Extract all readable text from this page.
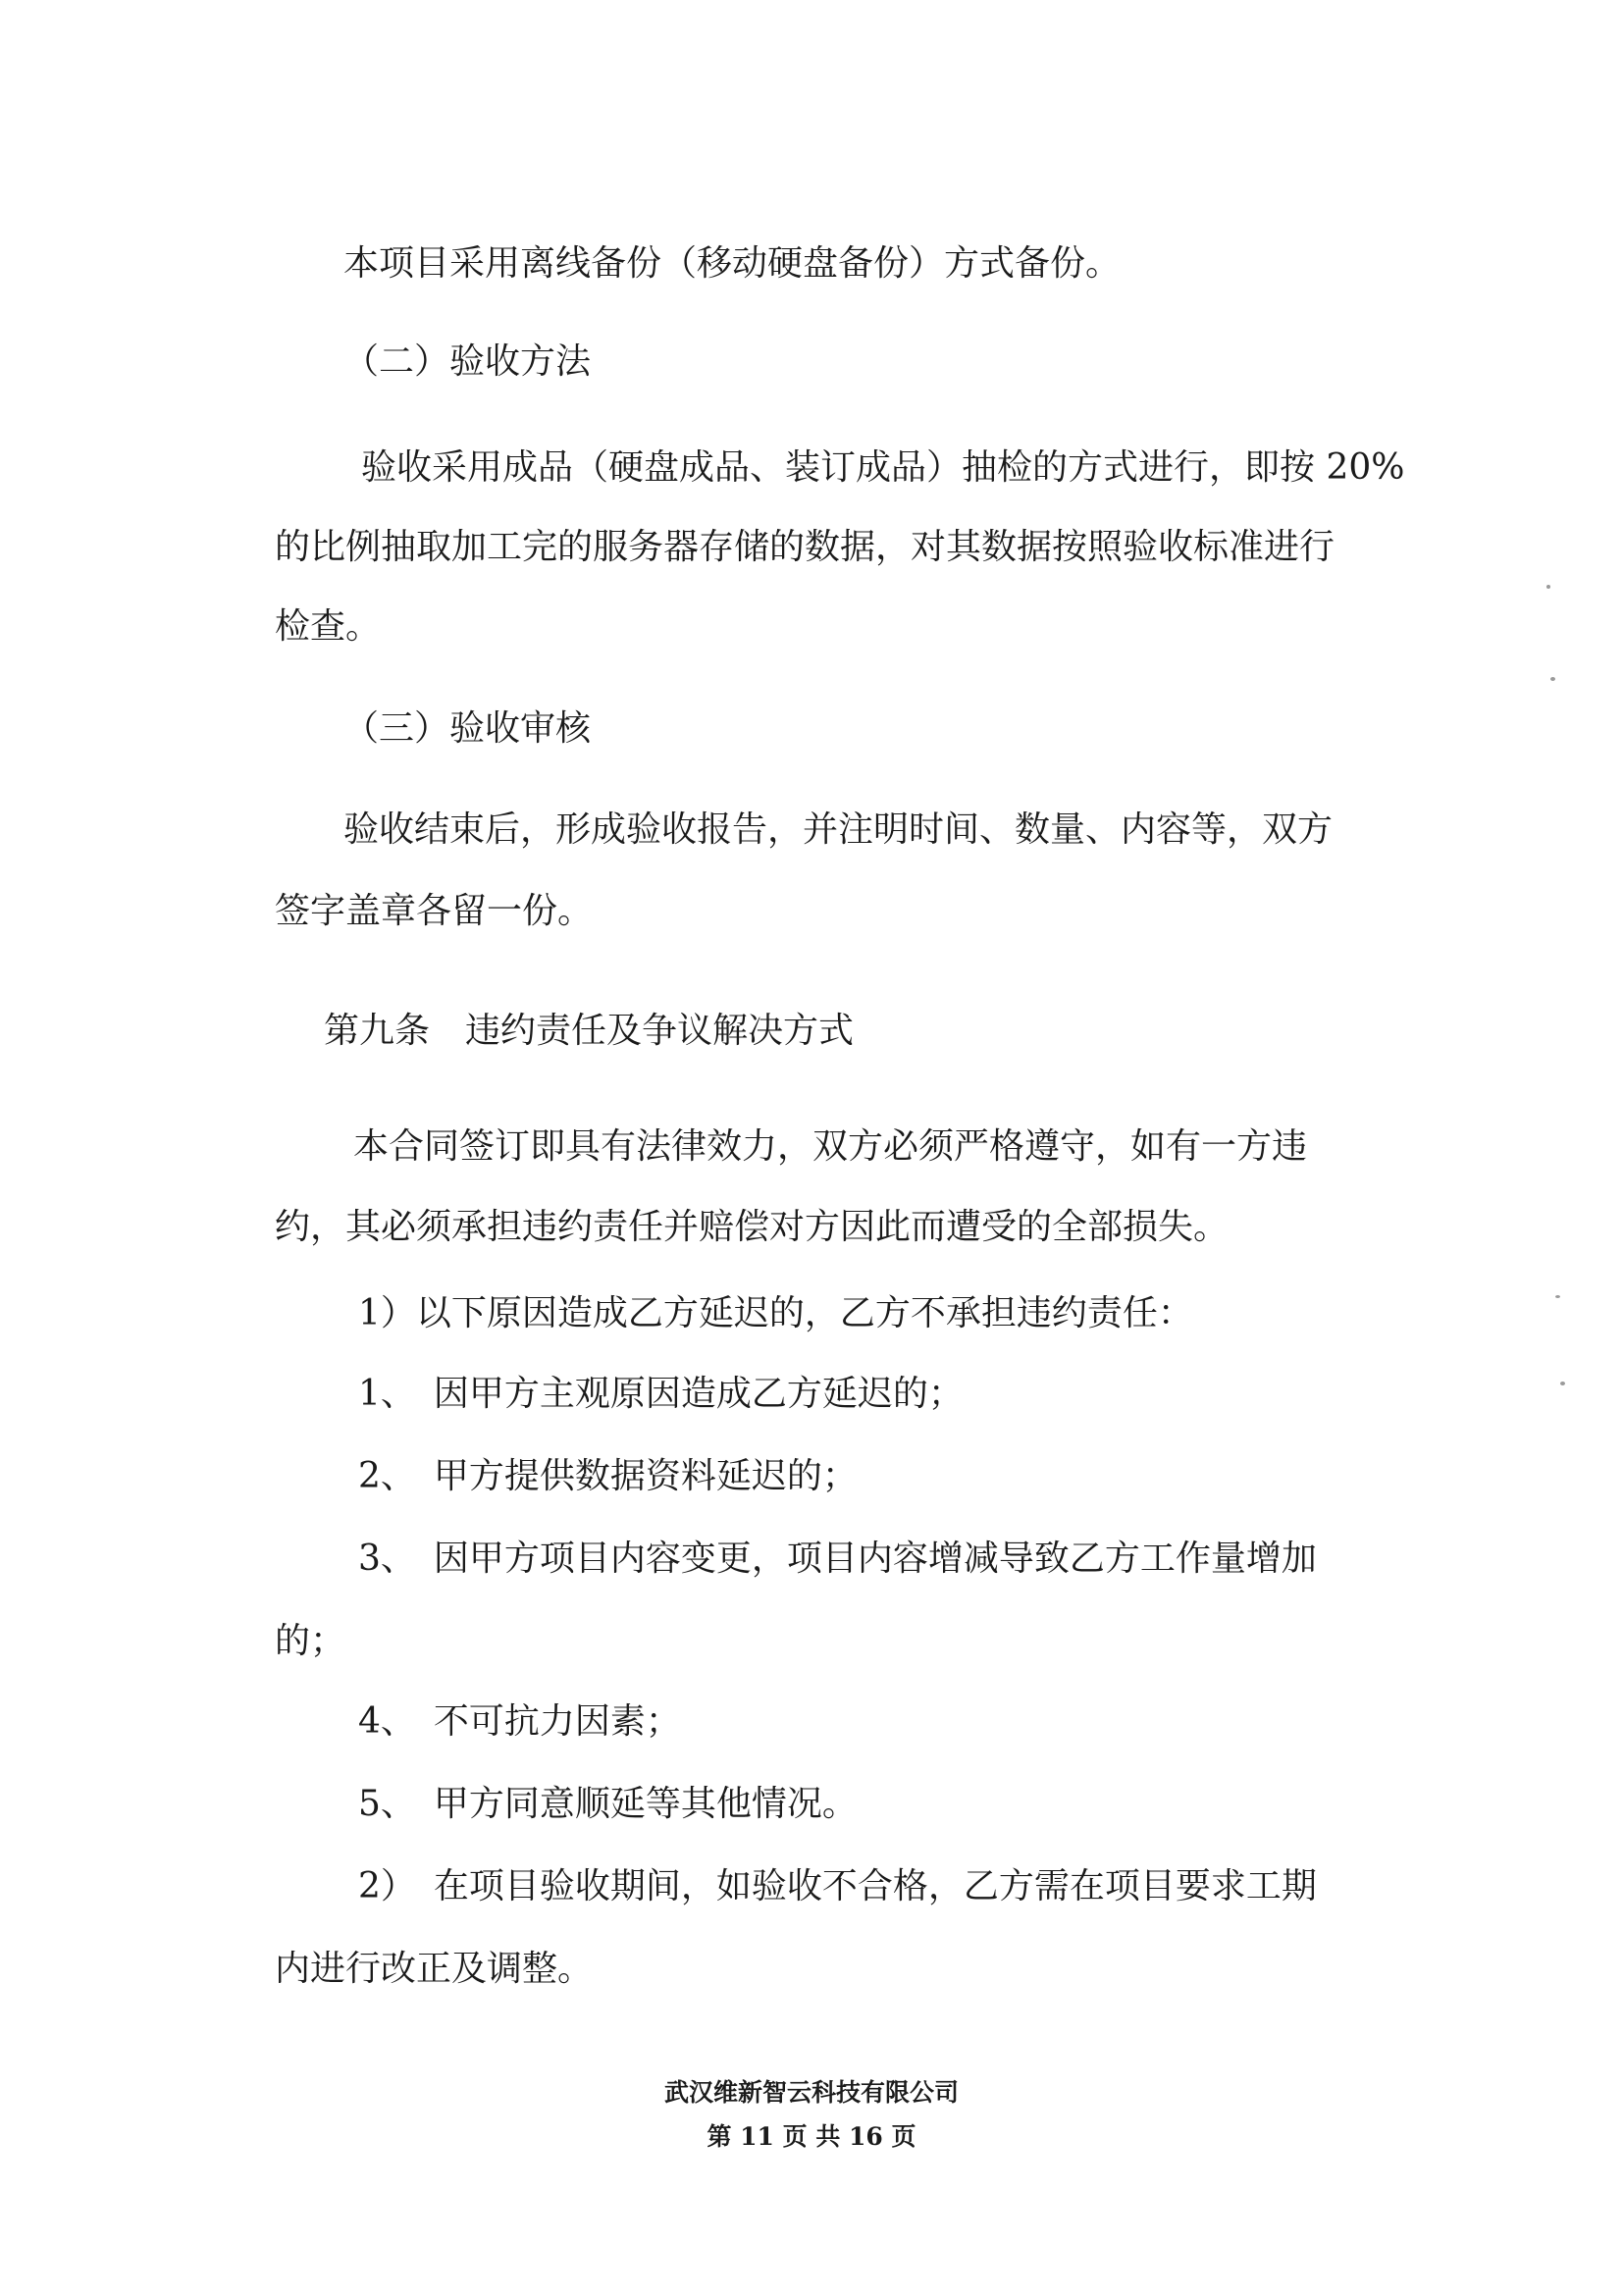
本项目采用离线备份（移动硬盘备份）方式备份。
（二）验收方法
验收采用成品（硬盘成品、装订成品）抽检的方式进行，即按 20%
的比例抽取加工完的服务器存储的数据，对其数据按照验收标准进行
检查。
（三）验收审核
验收结束后，形成验收报告，并注明时间、数量、内容等，双方
签字盖章各留一份。
第九条　违约责任及争议解决方式
本合同签订即具有法律效力，双方必须严格遵守，如有一方违
约，其必须承担违约责任并赔偿对方因此而遭受的全部损失。
1）以下原因造成乙方延迟的，乙方不承担违约责任：
1、　因甲方主观原因造成乙方延迟的；
2、　甲方提供数据资料延迟的；
3、　因甲方项目内容变更，项目内容增减导致乙方工作量增加
的；
4、　不可抗力因素；
5、　甲方同意顺延等其他情况。
2）　在项目验收期间，如验收不合格，乙方需在项目要求工期
内进行改正及调整。
武汉维新智云科技有限公司
第 11 页 共 16 页
